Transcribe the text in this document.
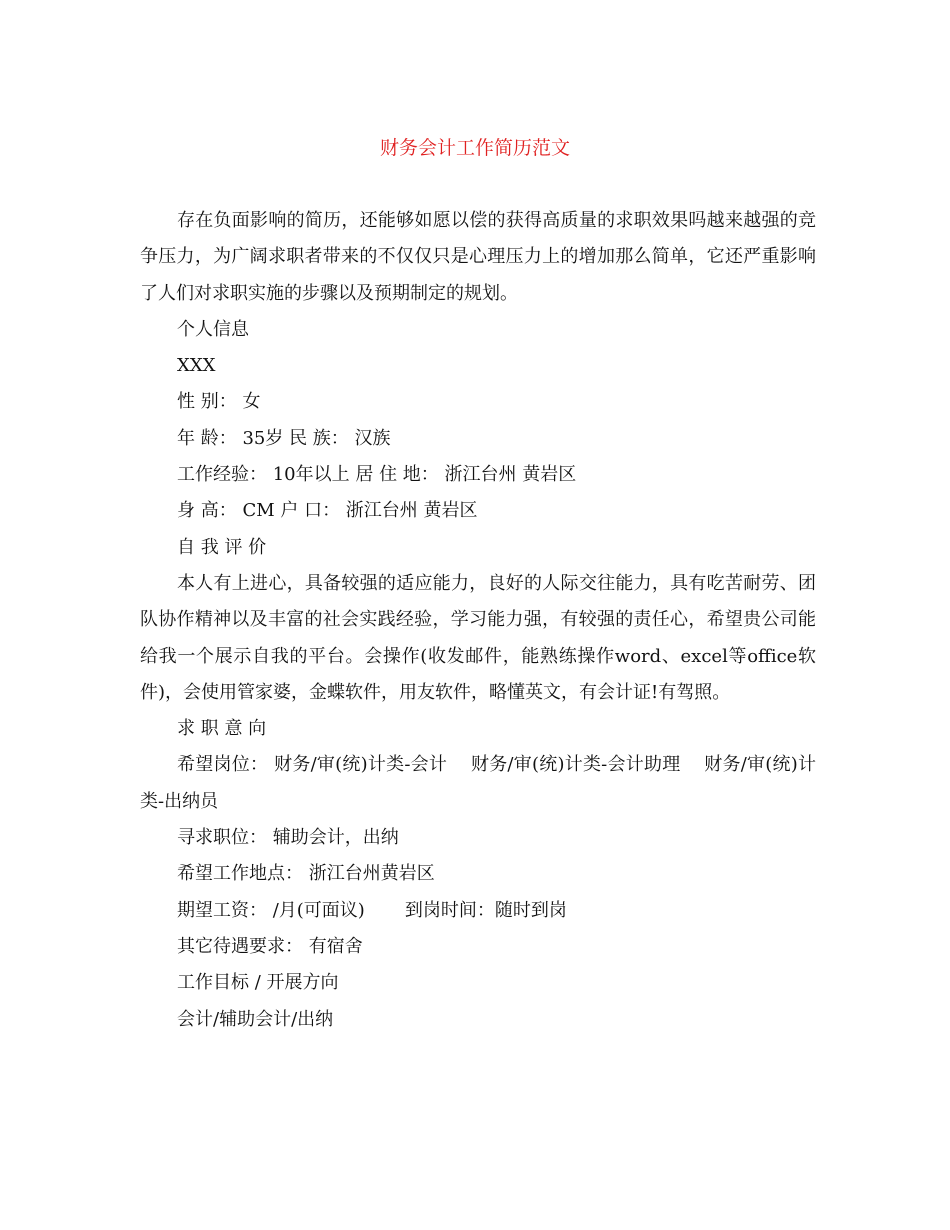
财务会计工作简历范文

存在负面影响的简历，还能够如愿以偿的获得高质量的求职效果吗越来越强的竞争压力，为广阔求职者带来的不仅仅只是心理压力上的增加那么简单，它还严重影响了人们对求职实施的步骤以及预期制定的规划。

个人信息

XXX

性 别： 女

年 龄： 35岁 民 族： 汉族

工作经验： 10年以上 居 住 地： 浙江台州 黄岩区

身 高： CM 户 口： 浙江台州 黄岩区

自 我 评 价

本人有上进心，具备较强的适应能力，良好的人际交往能力，具有吃苦耐劳、团队协作精神以及丰富的社会实践经验，学习能力强，有较强的责任心，希望贵公司能给我一个展示自我的平台。会操作(收发邮件，能熟练操作word、excel等office软件)，会使用管家婆，金蝶软件，用友软件，略懂英文，有会计证!有驾照。

求 职 意 向

希望岗位： 财务/审(统)计类-会计    财务/审(统)计类-会计助理    财务/审(统)计类-出纳员

寻求职位： 辅助会计，出纳

希望工作地点： 浙江台州黄岩区

期望工资： /月(可面议)       到岗时间：随时到岗

其它待遇要求： 有宿舍

工作目标 / 开展方向

会计/辅助会计/出纳
